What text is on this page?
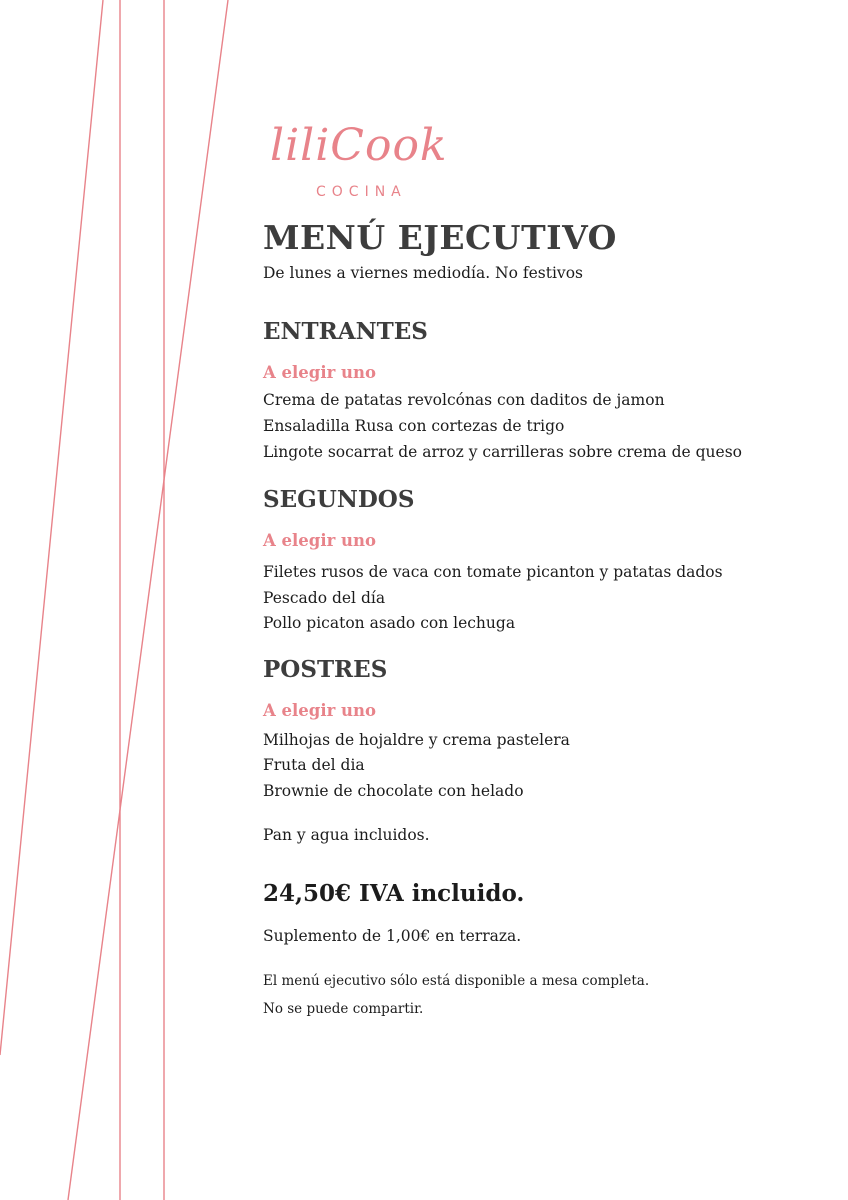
liliCook
COCINA
MENÚ EJECUTIVO
De lunes a viernes mediodía. No festivos
ENTRANTES
A elegir uno
Crema de patatas revolcónas con daditos de jamon
Ensaladilla Rusa con cortezas de trigo
Lingote socarrat de arroz y carrilleras sobre crema de queso
SEGUNDOS
A elegir uno
Filetes rusos de vaca con tomate picanton y patatas dados
Pescado del día
Pollo picaton asado con lechuga
POSTRES
A elegir uno
Milhojas de hojaldre y crema pastelera
Fruta del dia
Brownie de chocolate con helado
Pan y agua incluidos.
24,50€ IVA incluido.
Suplemento de 1,00€ en terraza.
El menú ejecutivo sólo está disponible a mesa completa.
No se puede compartir.
